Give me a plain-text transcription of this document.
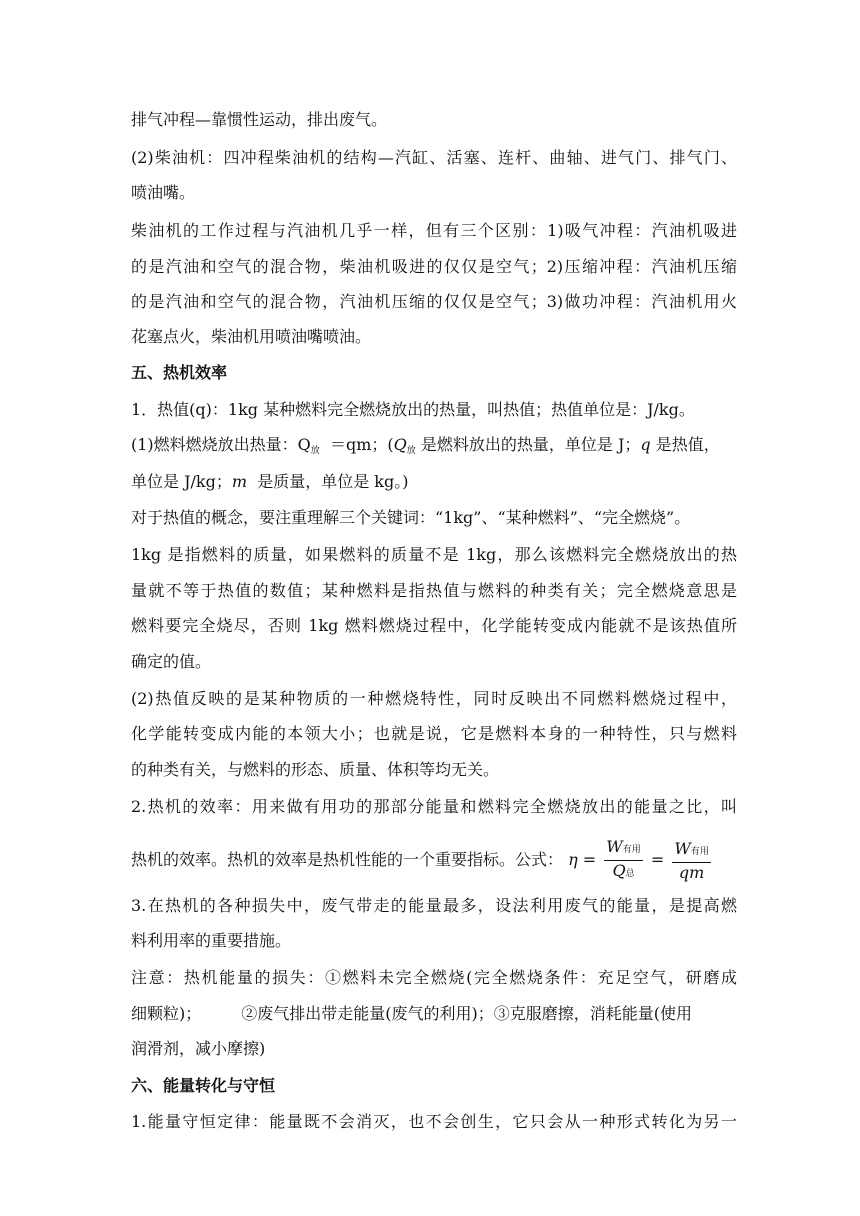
排气冲程—靠惯性运动，排出废气。
(2)柴油机：四冲程柴油机的结构—汽缸、活塞、连杆、曲轴、进气门、排气门、
喷油嘴。
柴油机的工作过程与汽油机几乎一样，但有三个区别：1)吸气冲程：汽油机吸进
的是汽油和空气的混合物，柴油机吸进的仅仅是空气；2)压缩冲程：汽油机压缩
的是汽油和空气的混合物，汽油机压缩的仅仅是空气；3)做功冲程：汽油机用火
花塞点火，柴油机用喷油嘴喷油。
五、热机效率
1．热值(q)：1kg 某种燃料完全燃烧放出的热量，叫热值；热值单位是：J/kg。
(1)燃料燃烧放出热量：$Q_放 =qm$；($Q_放$ 是燃料放出的热量，单位是 J；q 是热值，
单位是 J/kg；m 是质量，单位是 kg。)
对于热值的概念，要注重理解三个关键词：“1kg”、“某种燃料”、“完全燃烧”。
1kg 是指燃料的质量，如果燃料的质量不是 1kg，那么该燃料完全燃烧放出的热
量就不等于热值的数值；某种燃料是指热值与燃料的种类有关；完全燃烧意思是
燃料要完全烧尽，否则 1kg 燃料燃烧过程中，化学能转变成内能就不是该热值所
确定的值。
(2)热值反映的是某种物质的一种燃烧特性，同时反映出不同燃料燃烧过程中，
化学能转变成内能的本领大小；也就是说，它是燃料本身的一种特性，只与燃料
的种类有关，与燃料的形态、质量、体积等均无关。
2.热机的效率：用来做有用功的那部分能量和燃料完全燃烧放出的能量之比，叫
热机的效率。热机的效率是热机性能的一个重要指标。公式： $\eta = \frac{\text{W有用}}{\text{Q总}} = \frac{\text{W有用}}{qm}$
3.在热机的各种损失中，废气带走的能量最多，设法利用废气的能量，是提高燃
料利用率的重要措施。
注意：热机能量的损失：①燃料未完全燃烧(完全燃烧条件：充足空气，研磨成
细颗粒)；	②废气排出带走能量(废气的利用)；③克服磨擦，消耗能量(使用
润滑剂，减小摩擦)
六、能量转化与守恒
1.能量守恒定律：能量既不会消灭，也不会创生，它只会从一种形式转化为另一
